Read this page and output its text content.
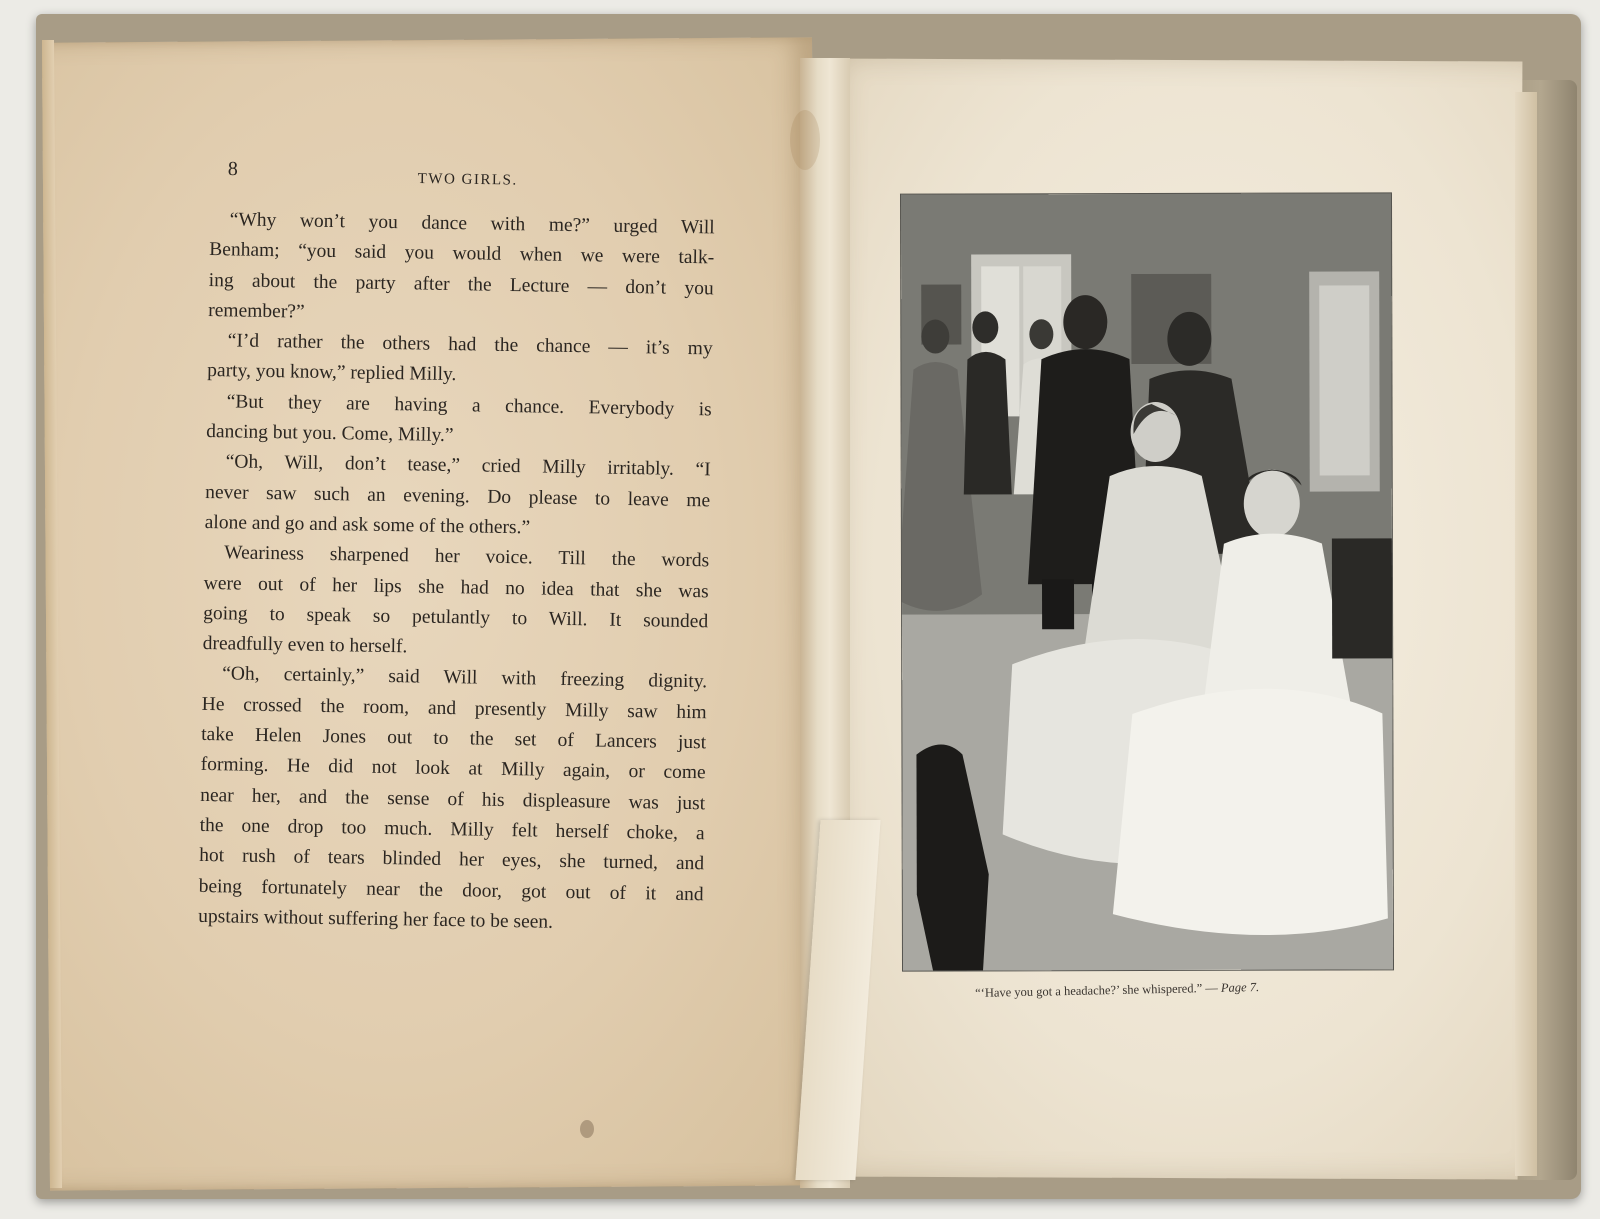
8	TWO GIRLS.

“Why won’t you dance with me?” urged Will
Benham; “you said you would when we were talk-
ing about the party after the Lecture — don’t you
remember?”

“I’d rather the others had the chance — it’s my
party, you know,” replied Milly.

“But they are having a chance. Everybody is
dancing but you. Come, Milly.”

“Oh, Will, don’t tease,” cried Milly irritably. “I
never saw such an evening. Do please to leave me
alone and go and ask some of the others.”

Weariness sharpened her voice. Till the words
were out of her lips she had no idea that she was
going to speak so petulantly to Will. It sounded
dreadfully even to herself.

“Oh, certainly,” said Will with freezing dignity.
He crossed the room, and presently Milly saw him
take Helen Jones out to the set of Lancers just
forming. He did not look at Milly again, or come
near her, and the sense of his displeasure was just
the one drop too much. Milly felt herself choke, a
hot rush of tears blinded her eyes, she turned, and
being fortunately near the door, got out of it and
upstairs without suffering her face to be seen.

“‘Have you got a headache?’ she whispered.” — Page 7.
